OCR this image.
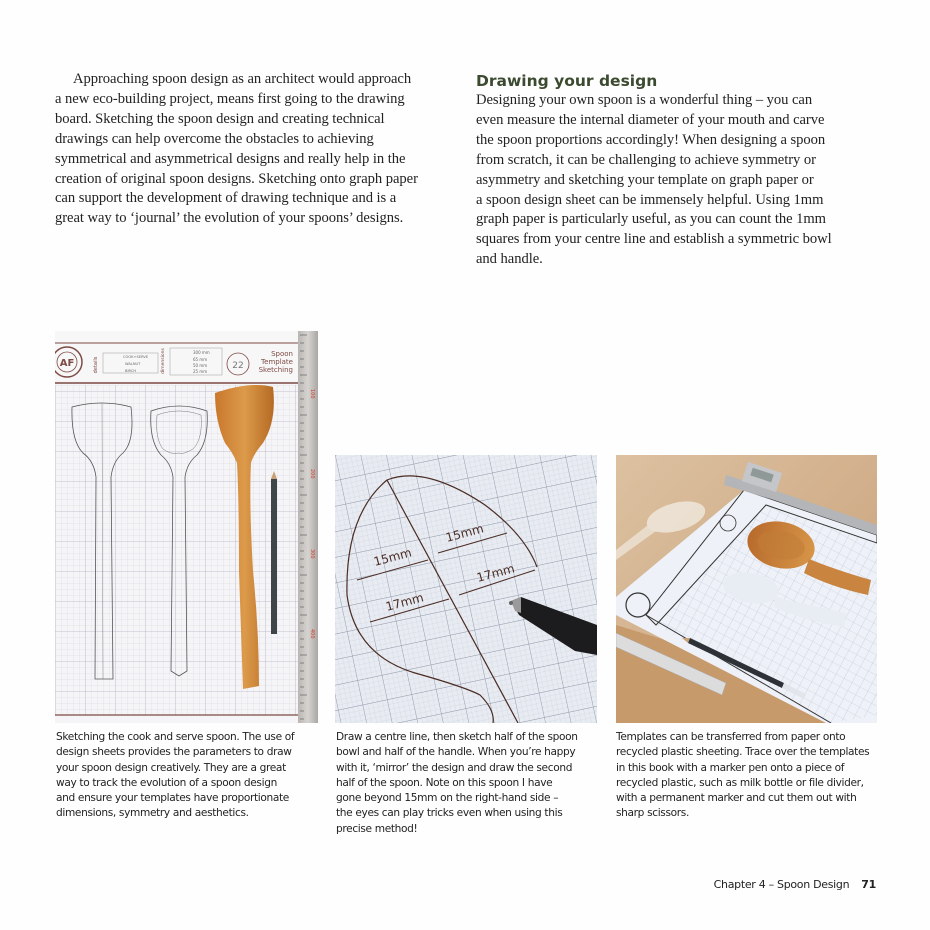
Approaching spoon design as an architect would approach
a new eco-building project, means first going to the drawing
board. Sketching the spoon design and creating technical
drawings can help overcome the obstacles to achieving
symmetrical and asymmetrical designs and really help in the
creation of original spoon designs. Sketching onto graph paper
can support the development of drawing technique and is a
great way to ‘journal’ the evolution of your spoons’ designs.

Drawing your design

Designing your own spoon is a wonderful thing – you can
even measure the internal diameter of your mouth and carve
the spoon proportions accordingly! When designing a spoon
from scratch, it can be challenging to achieve symmetry or
asymmetry and sketching your template on graph paper or
a spoon design sheet can be immensely helpful. Using 1mm
graph paper is particularly useful, as you can count the 1mm
squares from your centre line and establish a symmetric bowl
and handle.

AF	details	COOK+SERVE
WALNUT
BIRCH	dimensions	300 mm
65 mm
50 mm
25 mm
22
Spoon
Template
Sketching
100
200
300
400
15mm
15mm
17mm
17mm
Sketching the cook and serve spoon. The use of
design sheets provides the parameters to draw
your spoon design creatively. They are a great
way to track the evolution of a spoon design
and ensure your templates have proportionate
dimensions, symmetry and aesthetics.
Draw a centre line, then sketch half of the spoon
bowl and half of the handle. When you’re happy
with it, ‘mirror’ the design and draw the second
half of the spoon. Note on this spoon I have
gone beyond 15mm on the right-hand side –
the eyes can play tricks even when using this
precise method!
Templates can be transferred from paper onto
recycled plastic sheeting. Trace over the templates
in this book with a marker pen onto a piece of
recycled plastic, such as milk bottle or file divider,
with a permanent marker and cut them out with
sharp scissors.
Chapter 4 – Spoon Design 71
